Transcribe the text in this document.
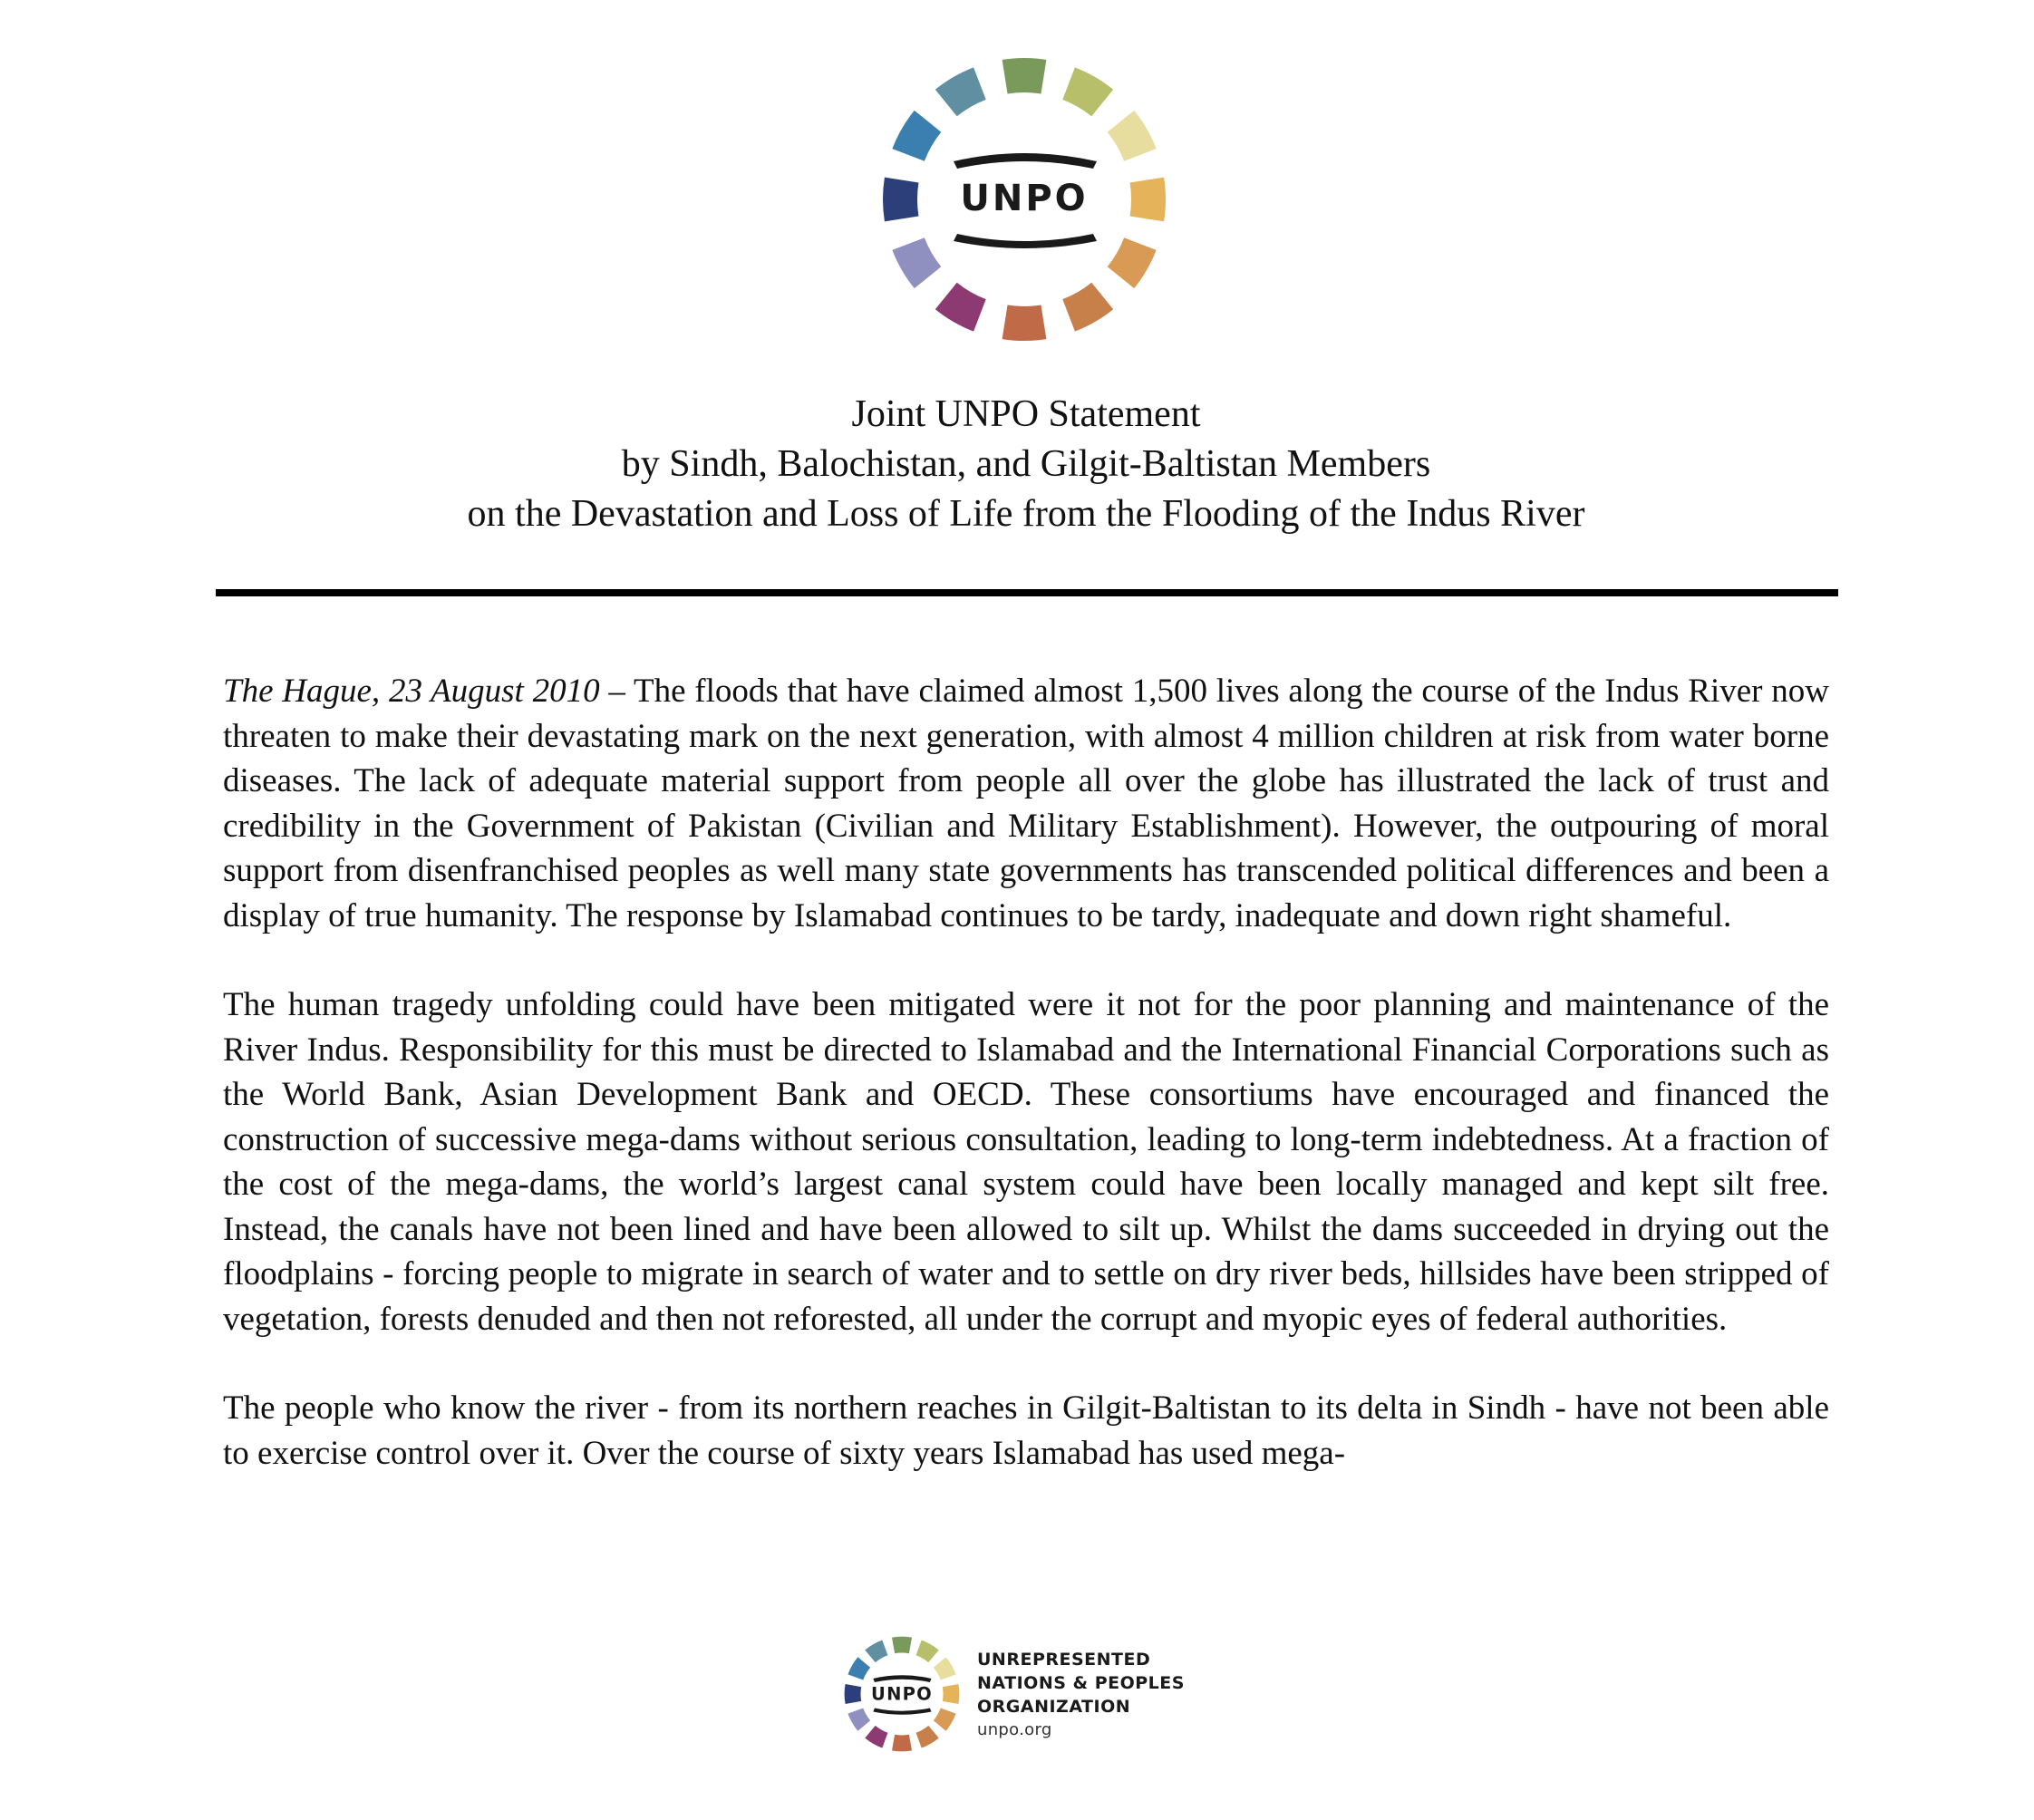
UNPO
Joint UNPO Statement
by Sindh, Balochistan, and Gilgit-Baltistan Members
on the Devastation and Loss of Life from the Flooding of the Indus River

The Hague, 23 August 2010 – The floods that have claimed almost 1,500 lives along the course of the Indus River now threaten to make their devastating mark on the next generation, with almost 4 million children at risk from water borne diseases. The lack of adequate material support from people all over the globe has illustrated the lack of trust and credibility in the Government of Pakistan (Civilian and Military Establishment). However, the outpouring of moral support from disenfranchised peoples as well many state governments has transcended political differences and been a display of true humanity. The response by Islamabad continues to be tardy, inadequate and down right shameful.

The human tragedy unfolding could have been mitigated were it not for the poor planning and maintenance of the River Indus. Responsibility for this must be directed to Islamabad and the International Financial Corporations such as the World Bank, Asian Development Bank and OECD. These consortiums have encouraged and financed the construction of successive mega-dams without serious consultation, leading to long-term indebtedness. At a fraction of the cost of the mega-dams, the world’s largest canal system could have been locally managed and kept silt free. Instead, the canals have not been lined and have been allowed to silt up. Whilst the dams succeeded in drying out the floodplains - forcing people to migrate in search of water and to settle on dry river beds, hillsides have been stripped of vegetation, forests denuded and then not reforested, all under the corrupt and myopic eyes of federal authorities.

The people who know the river - from its northern reaches in Gilgit-Baltistan to its delta in Sindh - have not been able to exercise control over it. Over the course of sixty years Islamabad has used mega-

UNPO
UNREPRESENTED
NATIONS & PEOPLES
ORGANIZATION
unpo.org
